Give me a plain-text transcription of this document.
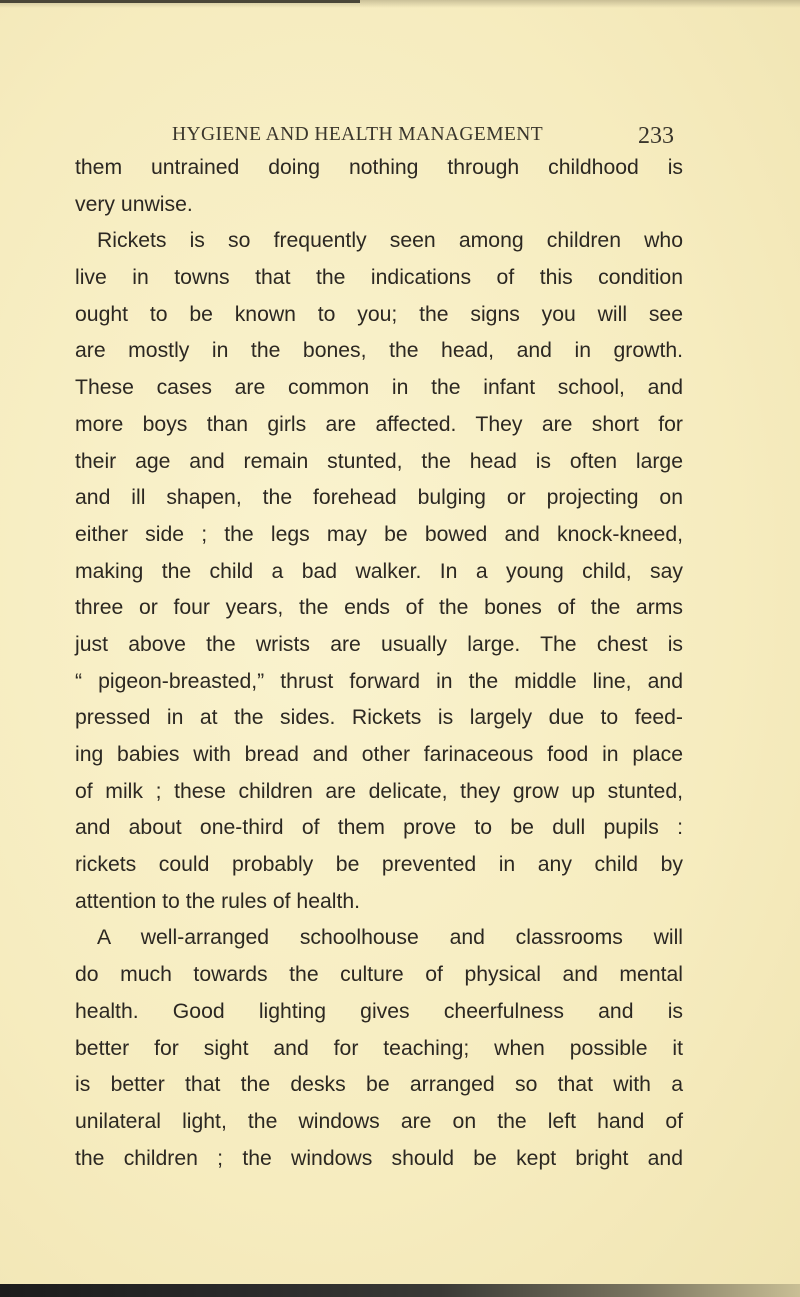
HYGIENE AND HEALTH MANAGEMENT	233
them untrained doing nothing through childhood is
very unwise.
Rickets is so frequently seen among children who
live in towns that the indications of this condition
ought to be known to you; the signs you will see
are mostly in the bones, the head, and in growth.
These cases are common in the infant school, and
more boys than girls are affected. They are short for
their age and remain stunted, the head is often large
and ill shapen, the forehead bulging or projecting on
either side ; the legs may be bowed and knock-kneed,
making the child a bad walker. In a young child, say
three or four years, the ends of the bones of the arms
just above the wrists are usually large. The chest is
“ pigeon-breasted,” thrust forward in the middle line, and
pressed in at the sides. Rickets is largely due to feed-
ing babies with bread and other farinaceous food in place
of milk ; these children are delicate, they grow up stunted,
and about one-third of them prove to be dull pupils :
rickets could probably be prevented in any child by
attention to the rules of health.
A well-arranged schoolhouse and classrooms will
do much towards the culture of physical and mental
health. Good lighting gives cheerfulness and is
better for sight and for teaching; when possible it
is better that the desks be arranged so that with a
unilateral light, the windows are on the left hand of
the children ; the windows should be kept bright and
